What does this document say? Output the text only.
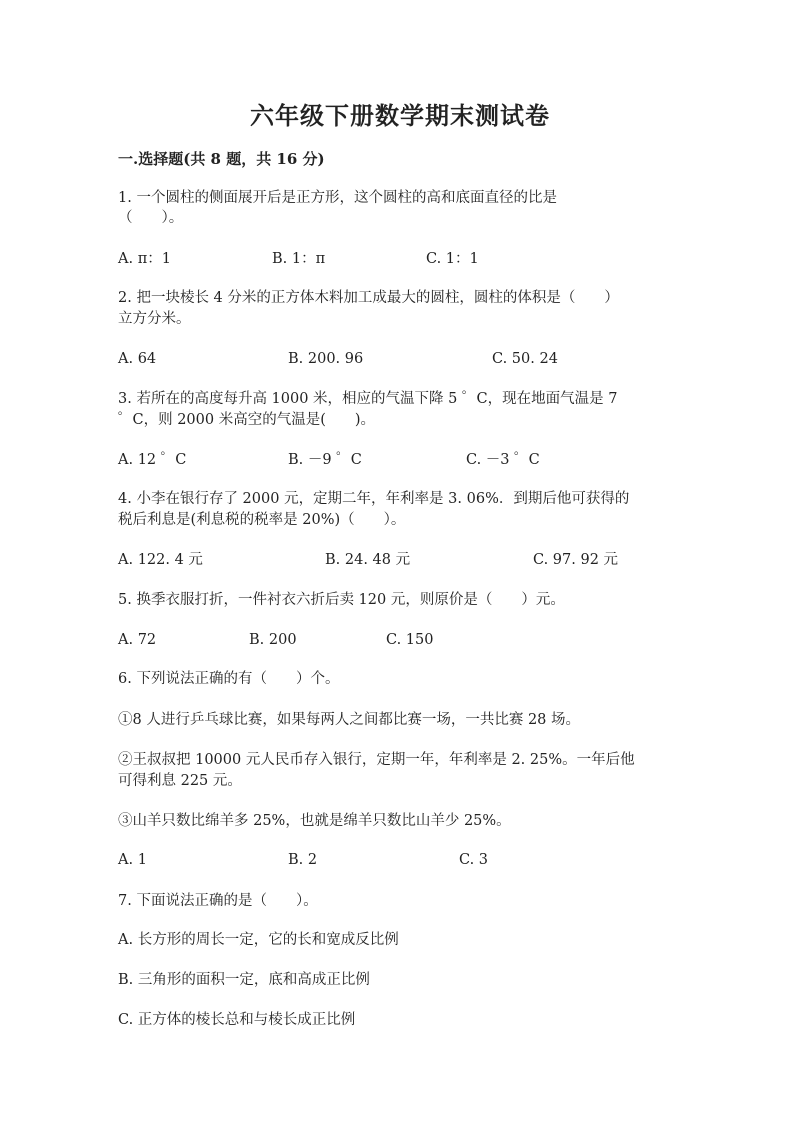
六年级下册数学期末测试卷
一.选择题(共 8 题，共 16 分)
1. 一个圆柱的侧面展开后是正方形，这个圆柱的高和底面直径的比是
（　　）。
A. π：1	B. 1：π	C. 1：1
2. 把一块棱长 4 分米的正方体木料加工成最大的圆柱，圆柱的体积是（　　）
立方分米。
A. 64	B. 200. 96	C. 50. 24
3. 若所在的高度每升高 1000 米，相应的气温下降 5 ゜C，现在地面气温是 7
゜C，则 2000 米高空的气温是(　　)。
A. 12 ゜C	B. －9 ゜C	C. －3 ゜C
4. 小李在银行存了 2000 元，定期二年，年利率是 3. 06%．到期后他可获得的
税后利息是(利息税的税率是 20%)（　　）。
A. 122. 4 元	B. 24. 48 元	C. 97. 92 元
5. 换季衣服打折，一件衬衣六折后卖 120 元，则原价是（　　）元。
A. 72	B. 200	C. 150
6. 下列说法正确的有（　　）个。
①8 人进行乒乓球比赛，如果每两人之间都比赛一场，一共比赛 28 场。
②王叔叔把 10000 元人民币存入银行，定期一年，年利率是 2. 25%。一年后他
可得利息 225 元。
③山羊只数比绵羊多 25%，也就是绵羊只数比山羊少 25%。
A. 1	B. 2	C. 3
7. 下面说法正确的是（　　）。
A. 长方形的周长一定，它的长和宽成反比例
B. 三角形的面积一定，底和高成正比例
C. 正方体的棱长总和与棱长成正比例
